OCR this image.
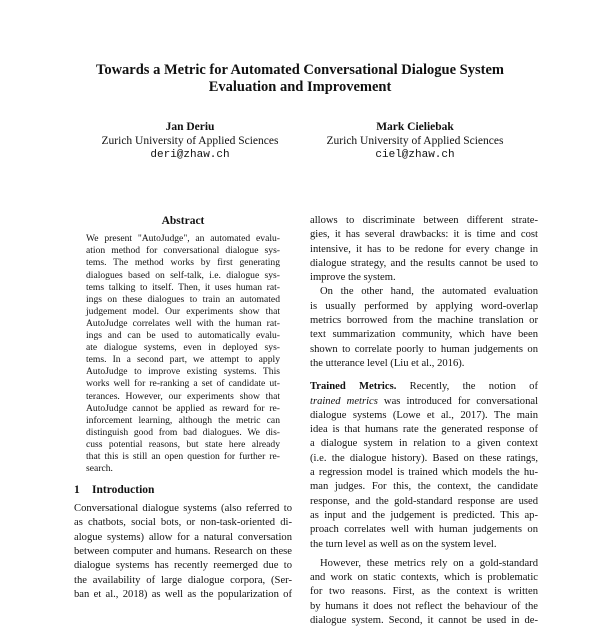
Towards a Metric for Automated Conversational Dialogue System
Evaluation and Improvement
Jan Deriu
Zurich University of Applied Sciences
deri@zhaw.ch
Mark Cieliebak
Zurich University of Applied Sciences
ciel@zhaw.ch
Abstract
We present "AutoJudge", an automated evalu-
ation method for conversational dialogue sys-
tems. The method works by first generating
dialogues based on self-talk, i.e. dialogue sys-
tems talking to itself. Then, it uses human rat-
ings on these dialogues to train an automated
judgement model. Our experiments show that
AutoJudge correlates well with the human rat-
ings and can be used to automatically evalu-
ate dialogue systems, even in deployed sys-
tems. In a second part, we attempt to apply
AutoJudge to improve existing systems. This
works well for re-ranking a set of candidate ut-
terances. However, our experiments show that
AutoJudge cannot be applied as reward for re-
inforcement learning, although the metric can
distinguish good from bad dialogues. We dis-
cuss potential reasons, but state here already
that this is still an open question for further re-
search.
1 Introduction
Conversational dialogue systems (also referred to
as chatbots, social bots, or non-task-oriented di-
alogue systems) allow for a natural conversation
between computer and humans. Research on these
dialogue systems has recently reemerged due to
the availability of large dialogue corpora, (Ser-
ban et al., 2018) as well as the popularization of
allows to discriminate between different strate-
gies, it has several drawbacks: it is time and cost
intensive, it has to be redone for every change in
dialogue strategy, and the results cannot be used to
improve the system.
On the other hand, the automated evaluation
is usually performed by applying word-overlap
metrics borrowed from the machine translation or
text summarization community, which have been
shown to correlate poorly to human judgements on
the utterance level (Liu et al., 2016).
Trained Metrics. Recently, the notion of
trained metrics was introduced for conversational
dialogue systems (Lowe et al., 2017). The main
idea is that humans rate the generated response of
a dialogue system in relation to a given context
(i.e. the dialogue history). Based on these ratings,
a regression model is trained which models the hu-
man judges. For this, the context, the candidate
response, and the gold-standard response are used
as input and the judgement is predicted. This ap-
proach correlates well with human judgements on
the turn level as well as on the system level.
However, these metrics rely on a gold-standard
and work on static contexts, which is problematic
for two reasons. First, as the context is written
by humans it does not reflect the behaviour of the
dialogue system. Second, it cannot be used in de-
